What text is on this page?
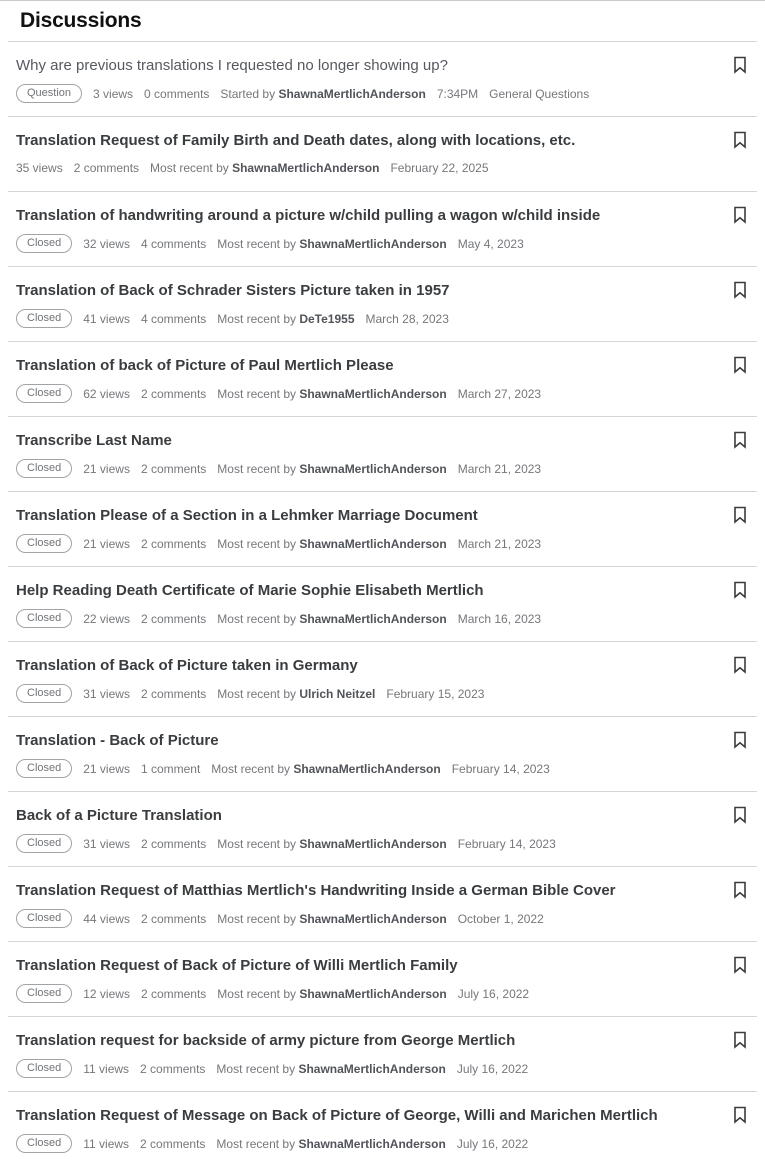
Discussions
Why are previous translations I requested no longer showing up?
Question	3 views 0 comments Started by ShawnaMertlichAnderson 7:34PM General Questions
Translation Request of Family Birth and Death dates, along with locations, etc.
35 views 2 comments Most recent by ShawnaMertlichAnderson February 22, 2025
Translation of handwriting around a picture w/child pulling a wagon w/child inside
Closed	32 views 4 comments Most recent by ShawnaMertlichAnderson May 4, 2023
Translation of Back of Schrader Sisters Picture taken in 1957
Closed	41 views 4 comments Most recent by DeTe1955 March 28, 2023
Translation of back of Picture of Paul Mertlich Please
Closed	62 views 2 comments Most recent by ShawnaMertlichAnderson March 27, 2023
Transcribe Last Name
Closed	21 views 2 comments Most recent by ShawnaMertlichAnderson March 21, 2023
Translation Please of a Section in a Lehmker Marriage Document
Closed	21 views 2 comments Most recent by ShawnaMertlichAnderson March 21, 2023
Help Reading Death Certificate of Marie Sophie Elisabeth Mertlich
Closed	22 views 2 comments Most recent by ShawnaMertlichAnderson March 16, 2023
Translation of Back of Picture taken in Germany
Closed	31 views 2 comments Most recent by Ulrich Neitzel February 15, 2023
Translation - Back of Picture
Closed	21 views 1 comment Most recent by ShawnaMertlichAnderson February 14, 2023
Back of a Picture Translation
Closed	31 views 2 comments Most recent by ShawnaMertlichAnderson February 14, 2023
Translation Request of Matthias Mertlich's Handwriting Inside a German Bible Cover
Closed	44 views 2 comments Most recent by ShawnaMertlichAnderson October 1, 2022
Translation Request of Back of Picture of Willi Mertlich Family
Closed	12 views 2 comments Most recent by ShawnaMertlichAnderson July 16, 2022
Translation request for backside of army picture from George Mertlich
Closed	11 views 2 comments Most recent by ShawnaMertlichAnderson July 16, 2022
Translation Request of Message on Back of Picture of George, Willi and Marichen Mertlich
Closed	11 views 2 comments Most recent by ShawnaMertlichAnderson July 16, 2022
